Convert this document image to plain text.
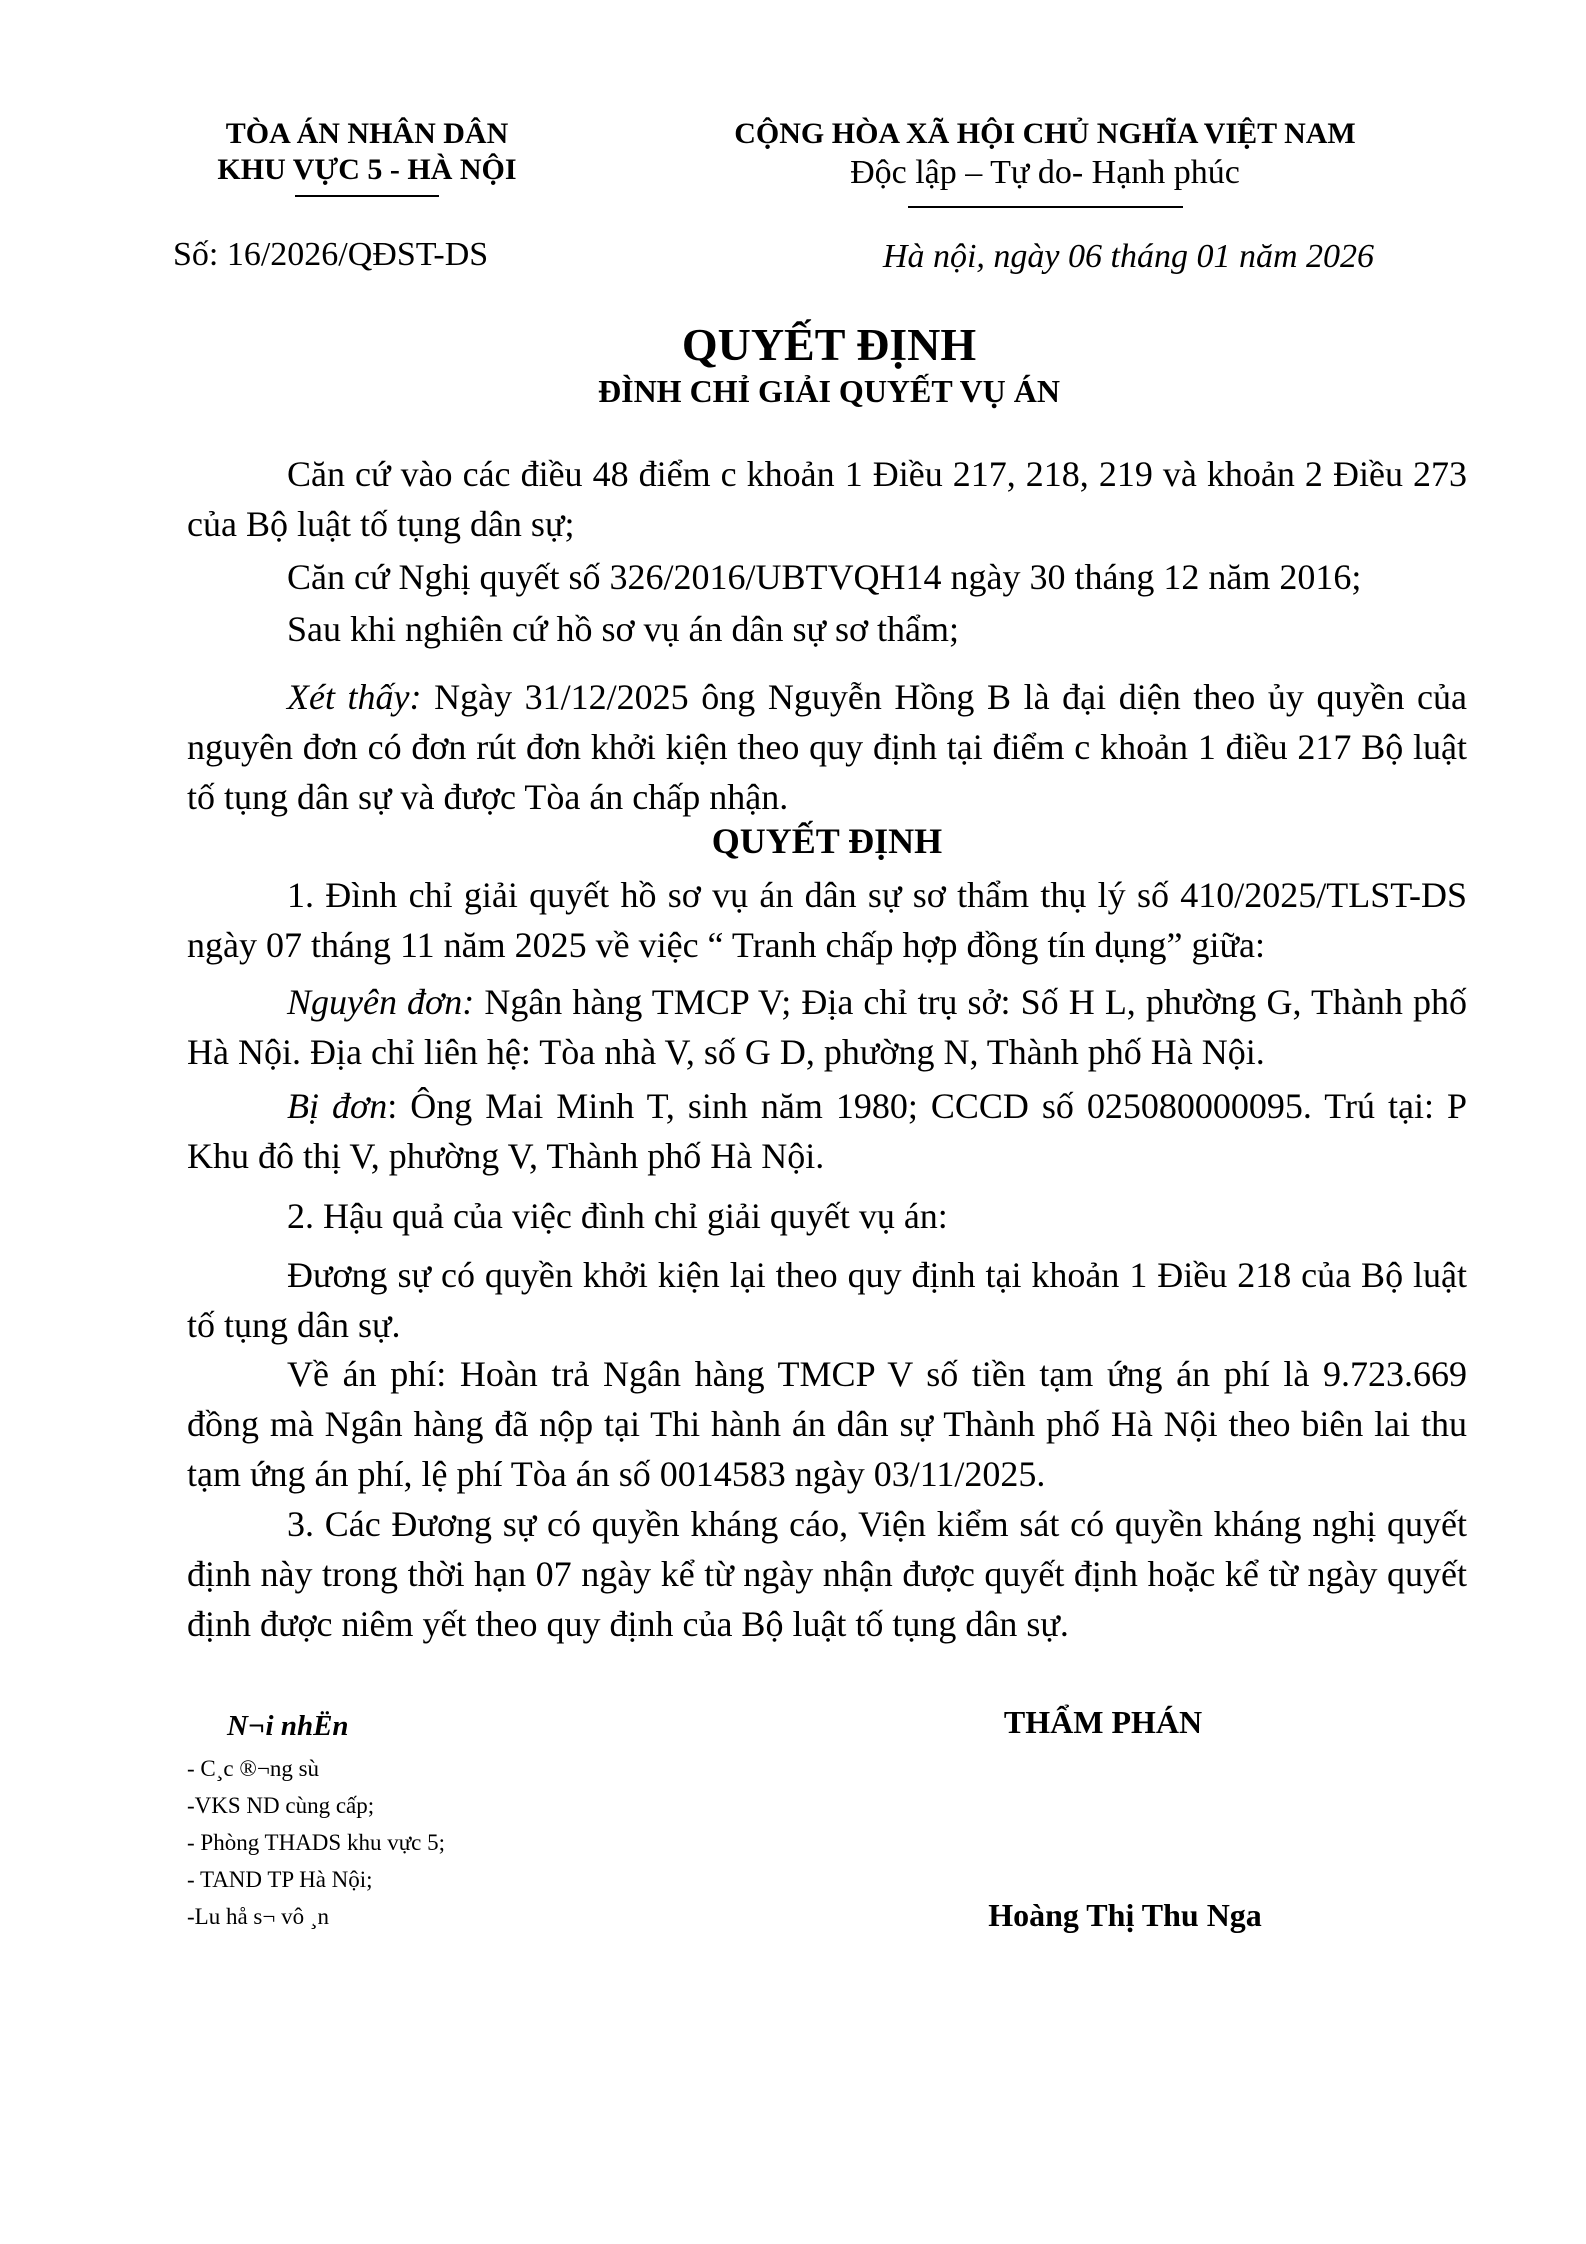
TÒA ÁN NHÂN DÂN
KHU VỰC 5 - HÀ NỘI
CỘNG HÒA XÃ HỘI CHỦ NGHĨA VIỆT NAM
Độc lập – Tự do- Hạnh phúc
Số: 16/2026/QĐST-DS	Hà nội, ngày 06 tháng 01 năm 2026
QUYẾT ĐỊNH
ĐÌNH CHỈ GIẢI QUYẾT VỤ ÁN
Căn cứ vào các điều 48 điểm c khoản 1 Điều 217, 218, 219 và khoản 2 Điều 273 của Bộ luật tố tụng dân sự;
Căn cứ Nghị quyết số 326/2016/UBTVQH14 ngày 30 tháng 12 năm 2016;
Sau khi nghiên cứ hồ sơ vụ án dân sự sơ thẩm;
Xét thấy: Ngày 31/12/2025 ông Nguyễn Hồng B là đại diện theo ủy quyền của nguyên đơn có đơn rút đơn khởi kiện theo quy định tại điểm c khoản 1 điều 217 Bộ luật tố tụng dân sự và được Tòa án chấp nhận.
QUYẾT ĐỊNH
1. Đình chỉ giải quyết hồ sơ vụ án dân sự sơ thẩm thụ lý số 410/2025/TLST-DS ngày 07 tháng 11 năm 2025 về việc “ Tranh chấp hợp đồng tín dụng” giữa:
Nguyên đơn: Ngân hàng TMCP V; Địa chỉ trụ sở: Số H L, phường G, Thành phố Hà Nội. Địa chỉ liên hệ: Tòa nhà V, số G D, phường N, Thành phố Hà Nội.
Bị đơn: Ông Mai Minh T, sinh năm 1980; CCCD số 025080000095. Trú tại: P Khu đô thị V, phường V, Thành phố Hà Nội.
2. Hậu quả của việc đình chỉ giải quyết vụ án:
Đương sự có quyền khởi kiện lại theo quy định tại khoản 1 Điều 218 của Bộ luật tố tụng dân sự.
Về án phí: Hoàn trả Ngân hàng TMCP V số tiền tạm ứng án phí là 9.723.669 đồng mà Ngân hàng đã nộp tại Thi hành án dân sự Thành phố Hà Nội theo biên lai thu tạm ứng án phí, lệ phí Tòa án số 0014583 ngày 03/11/2025.
3. Các Đương sự có quyền kháng cáo, Viện kiểm sát có quyền kháng nghị quyết định này trong thời hạn 07 ngày kể từ ngày nhận được quyết định hoặc kể từ ngày quyết định được niêm yết theo quy định của Bộ luật tố tụng dân sự.
N¬i nhËn
- C¸c ®¬ng sù
-VKS ND cùng cấp;
- Phòng THADS khu vực 5;
- TAND TP Hà Nội;
-Lu hå s¬ vô ¸n
THẨM PHÁN
Hoàng Thị Thu Nga
